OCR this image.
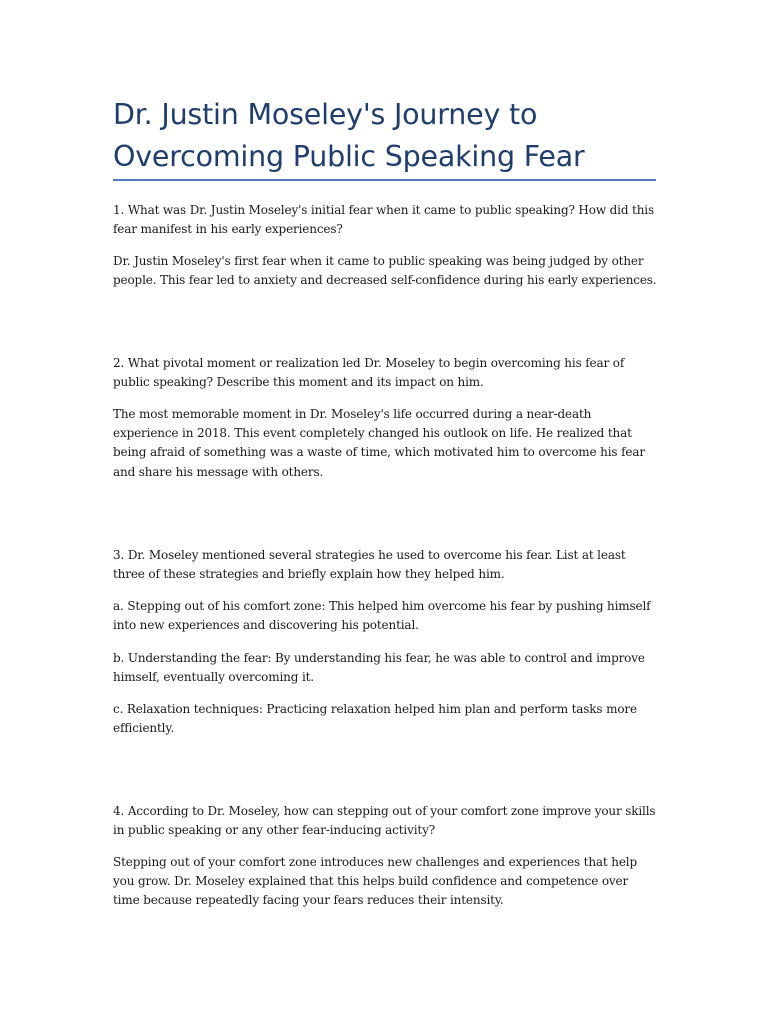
Dr. Justin Moseley's Journey to Overcoming Public Speaking Fear

1. What was Dr. Justin Moseley's initial fear when it came to public speaking? How did this fear manifest in his early experiences?

Dr. Justin Moseley's first fear when it came to public speaking was being judged by other people. This fear led to anxiety and decreased self-confidence during his early experiences.

2. What pivotal moment or realization led Dr. Moseley to begin overcoming his fear of public speaking? Describe this moment and its impact on him.

The most memorable moment in Dr. Moseley's life occurred during a near-death experience in 2018. This event completely changed his outlook on life. He realized that being afraid of something was a waste of time, which motivated him to overcome his fear and share his message with others.

3. Dr. Moseley mentioned several strategies he used to overcome his fear. List at least three of these strategies and briefly explain how they helped him.

a. Stepping out of his comfort zone: This helped him overcome his fear by pushing himself into new experiences and discovering his potential.

b. Understanding the fear: By understanding his fear, he was able to control and improve himself, eventually overcoming it.

c. Relaxation techniques: Practicing relaxation helped him plan and perform tasks more efficiently.

4. According to Dr. Moseley, how can stepping out of your comfort zone improve your skills in public speaking or any other fear-inducing activity?

Stepping out of your comfort zone introduces new challenges and experiences that help you grow. Dr. Moseley explained that this helps build confidence and competence over time because repeatedly facing your fears reduces their intensity.
